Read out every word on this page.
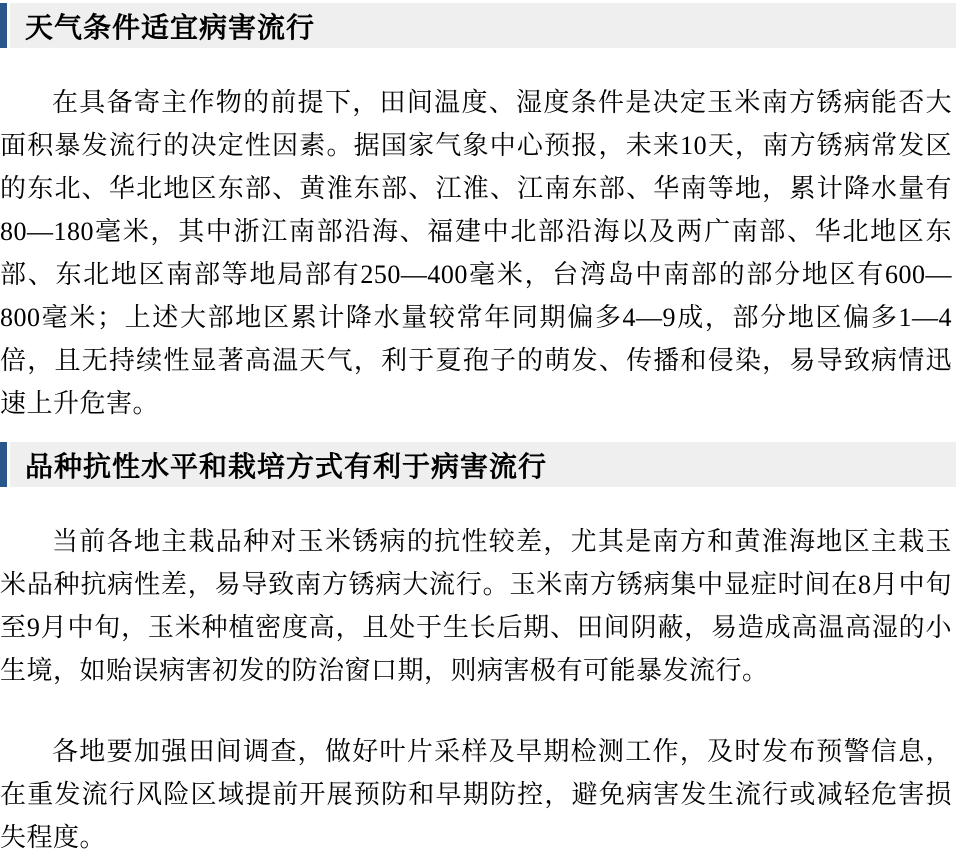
天气条件适宜病害流行

在具备寄主作物的前提下，田间温度、湿度条件是决定玉米南方锈病能否大面积暴发流行的决定性因素。据国家气象中心预报，未来10天，南方锈病常发区的东北、华北地区东部、黄淮东部、江淮、江南东部、华南等地，累计降水量有80—180毫米，其中浙江南部沿海、福建中北部沿海以及两广南部、华北地区东部、东北地区南部等地局部有250—400毫米，台湾岛中南部的部分地区有600—800毫米；上述大部地区累计降水量较常年同期偏多4—9成，部分地区偏多1—4倍，且无持续性显著高温天气，利于夏孢子的萌发、传播和侵染，易导致病情迅速上升危害。

品种抗性水平和栽培方式有利于病害流行

当前各地主栽品种对玉米锈病的抗性较差，尤其是南方和黄淮海地区主栽玉米品种抗病性差，易导致南方锈病大流行。玉米南方锈病集中显症时间在8月中旬至9月中旬，玉米种植密度高，且处于生长后期、田间阴蔽，易造成高温高湿的小生境，如贻误病害初发的防治窗口期，则病害极有可能暴发流行。

各地要加强田间调查，做好叶片采样及早期检测工作，及时发布预警信息，在重发流行风险区域提前开展预防和早期防控，避免病害发生流行或减轻危害损失程度。
